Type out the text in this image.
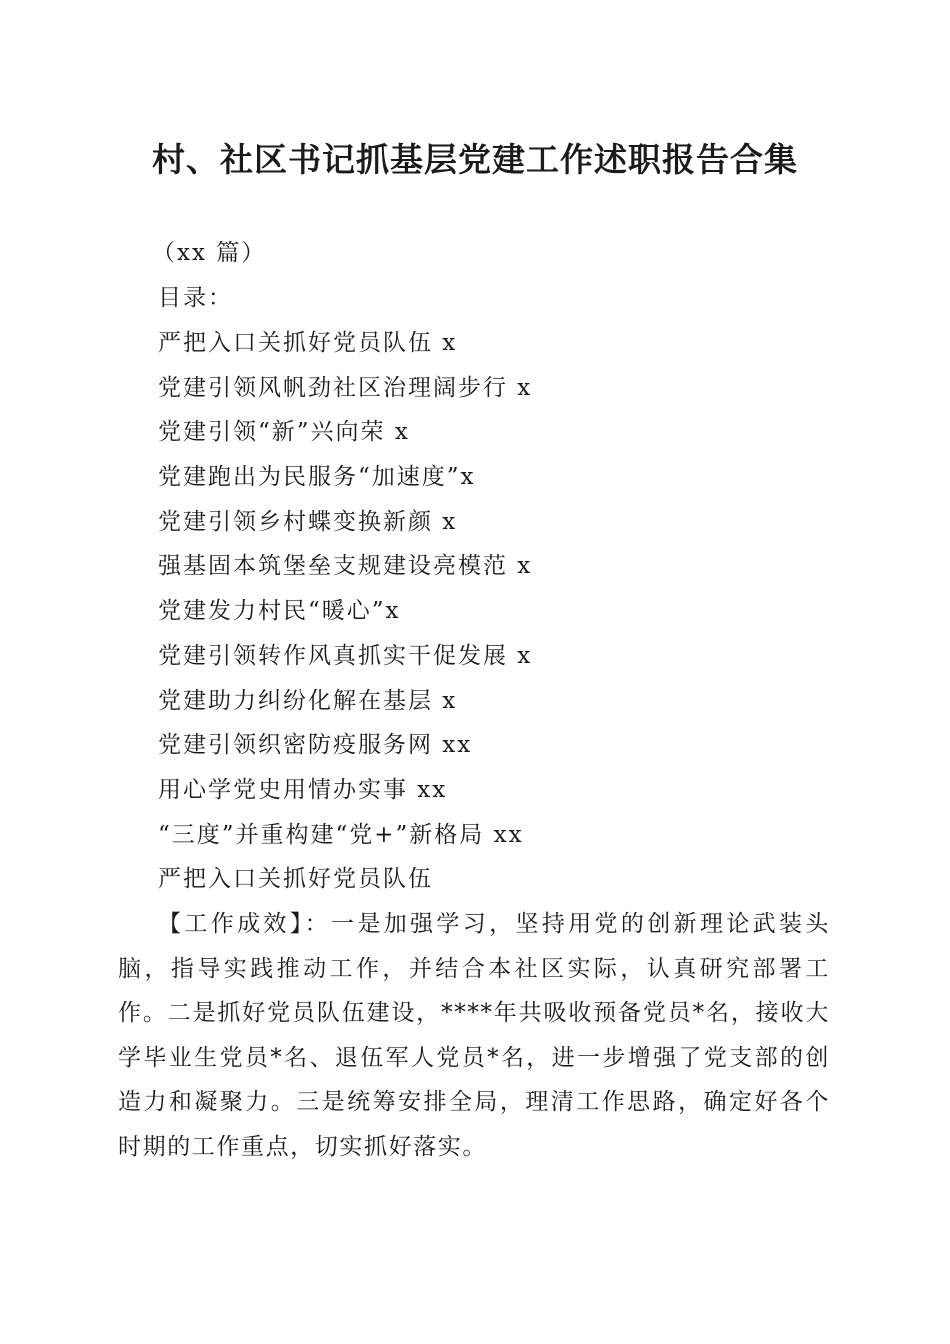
村、社区书记抓基层党建工作述职报告合集

（xx 篇）

目录：

严把入口关抓好党员队伍 x
党建引领风帆劲社区治理阔步行 x
党建引领“新”兴向荣 x
党建跑出为民服务“加速度”x
党建引领乡村蝶变换新颜 x
强基固本筑堡垒支规建设亮模范 x
党建发力村民“暖心”x
党建引领转作风真抓实干促发展 x
党建助力纠纷化解在基层 x
党建引领织密防疫服务网 xx
用心学党史用情办实事 xx
“三度”并重构建“党+”新格局 xx

严把入口关抓好党员队伍

【工作成效】：一是加强学习，坚持用党的创新理论武装头脑，指导实践推动工作，并结合本社区实际，认真研究部署工作。二是抓好党员队伍建设，****年共吸收预备党员*名，接收大学毕业生党员*名、退伍军人党员*名，进一步增强了党支部的创造力和凝聚力。三是统筹安排全局，理清工作思路，确定好各个时期的工作重点，切实抓好落实。
